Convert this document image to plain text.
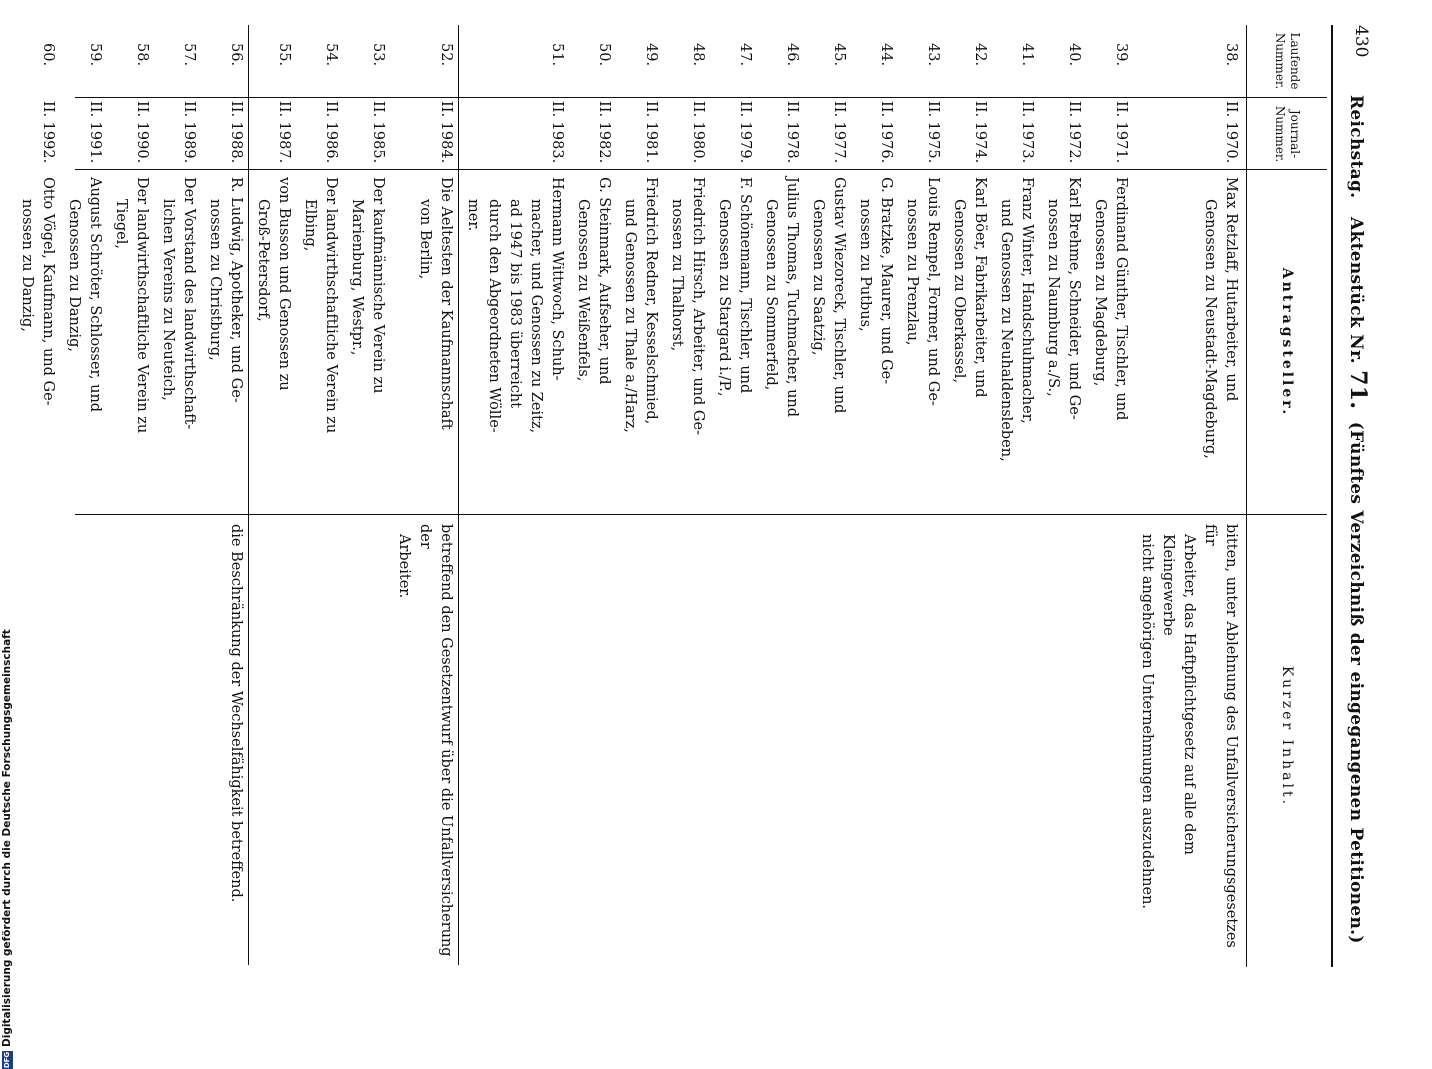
DFG
Digitalisierung gefördert durch die Deutsche Forschungsgemeinschaft
430
Reichstag.   Aktenstück Nr. 71.  (Fünftes Verzeichniß der eingegangenen Petitionen.)
Laufende Nummer.
Journal-Nummer.
Antragsteller.
Kurzer Inhalt.
38.
II. 1970.
Max Retzlaff, Hutarbeiter, und
Genossen zu Neustadt-Magdeburg,
bitten, unter Ablehnung des Unfallversicherungsgesetzes für
Arbeiter, das Haftpflichtgesetz auf alle dem Kleingewerbe
nicht angehörigen Unternehmungen auszudehnen.
39.
II. 1971.
Ferdinand Günther, Tischler, und
Genossen zu Magdeburg,
40.
II. 1972.
Karl Brehme, Schneider, und Ge-
nossen zu Naumburg a./S.,
41.
II. 1973.
Franz Winter, Handschuhmacher,
und Genossen zu Neuhaldensleben,
42.
II. 1974.
Karl Böer, Fabrikarbeiter, und
Genossen zu Oberkassel,
43.
II. 1975.
Louis Rempel, Former, und Ge-
nossen zu Prenzlau,
44.
II. 1976.
G. Bratzke, Maurer, und Ge-
nossen zu Putbus,
45.
II. 1977.
Gustav Wiezoreck, Tischler, und
Genossen zu Saatzig,
46.
II. 1978.
Julius Thomas, Tuchmacher, und
Genossen zu Sommerfeld,
47.
II. 1979.
F. Schönemann, Tischler, und
Genossen zu Stargard i./P.,
48.
II. 1980.
Friedrich Hirsch, Arbeiter, und Ge-
nossen zu Thalhorst,
49.
II. 1981.
Friedrich Redner, Kesselschmied,
und Genossen zu Thale a./Harz,
50.
II. 1982.
G. Steinmark, Aufseher, und
Genossen zu Weißenfels,
51.
II. 1983.
Hermann Wittwoch, Schuh-
macher, und Genossen zu Zeitz,
ad 1947 bis 1983 überreicht
durch den Abgeordneten Wölle-
mer.
52.
II. 1984.
Die Aeltesten der Kaufmannschaft
von Berlin,
betreffend den Gesetzentwurf über die Unfallversicherung der
Arbeiter.
53.
II. 1985.
Der kaufmännische Verein zu
Marienburg, Westpr.,
54.
II. 1986.
Der landwirthschaftliche Verein zu
Elbing,
55.
II. 1987.
von Busson und Genossen zu
Groß-Petersdorf,
56.
II. 1988.
R. Ludwig, Apotheker, und Ge-
nossen zu Christburg,
die Beschränkung der Wechselfähigkeit betreffend.
57.
II. 1989.
Der Vorstand des landwirthschaft-
lichen Vereins zu Neuteich,
58.
II. 1990.
Der landwirthschaftliche Verein zu
Tiegel,
59.
II. 1991.
August Schröter, Schlosser, und
Genossen zu Danzig,
60.
II. 1992.
Otto Vögel, Kaufmann, und Ge-
nossen zu Danzig,
